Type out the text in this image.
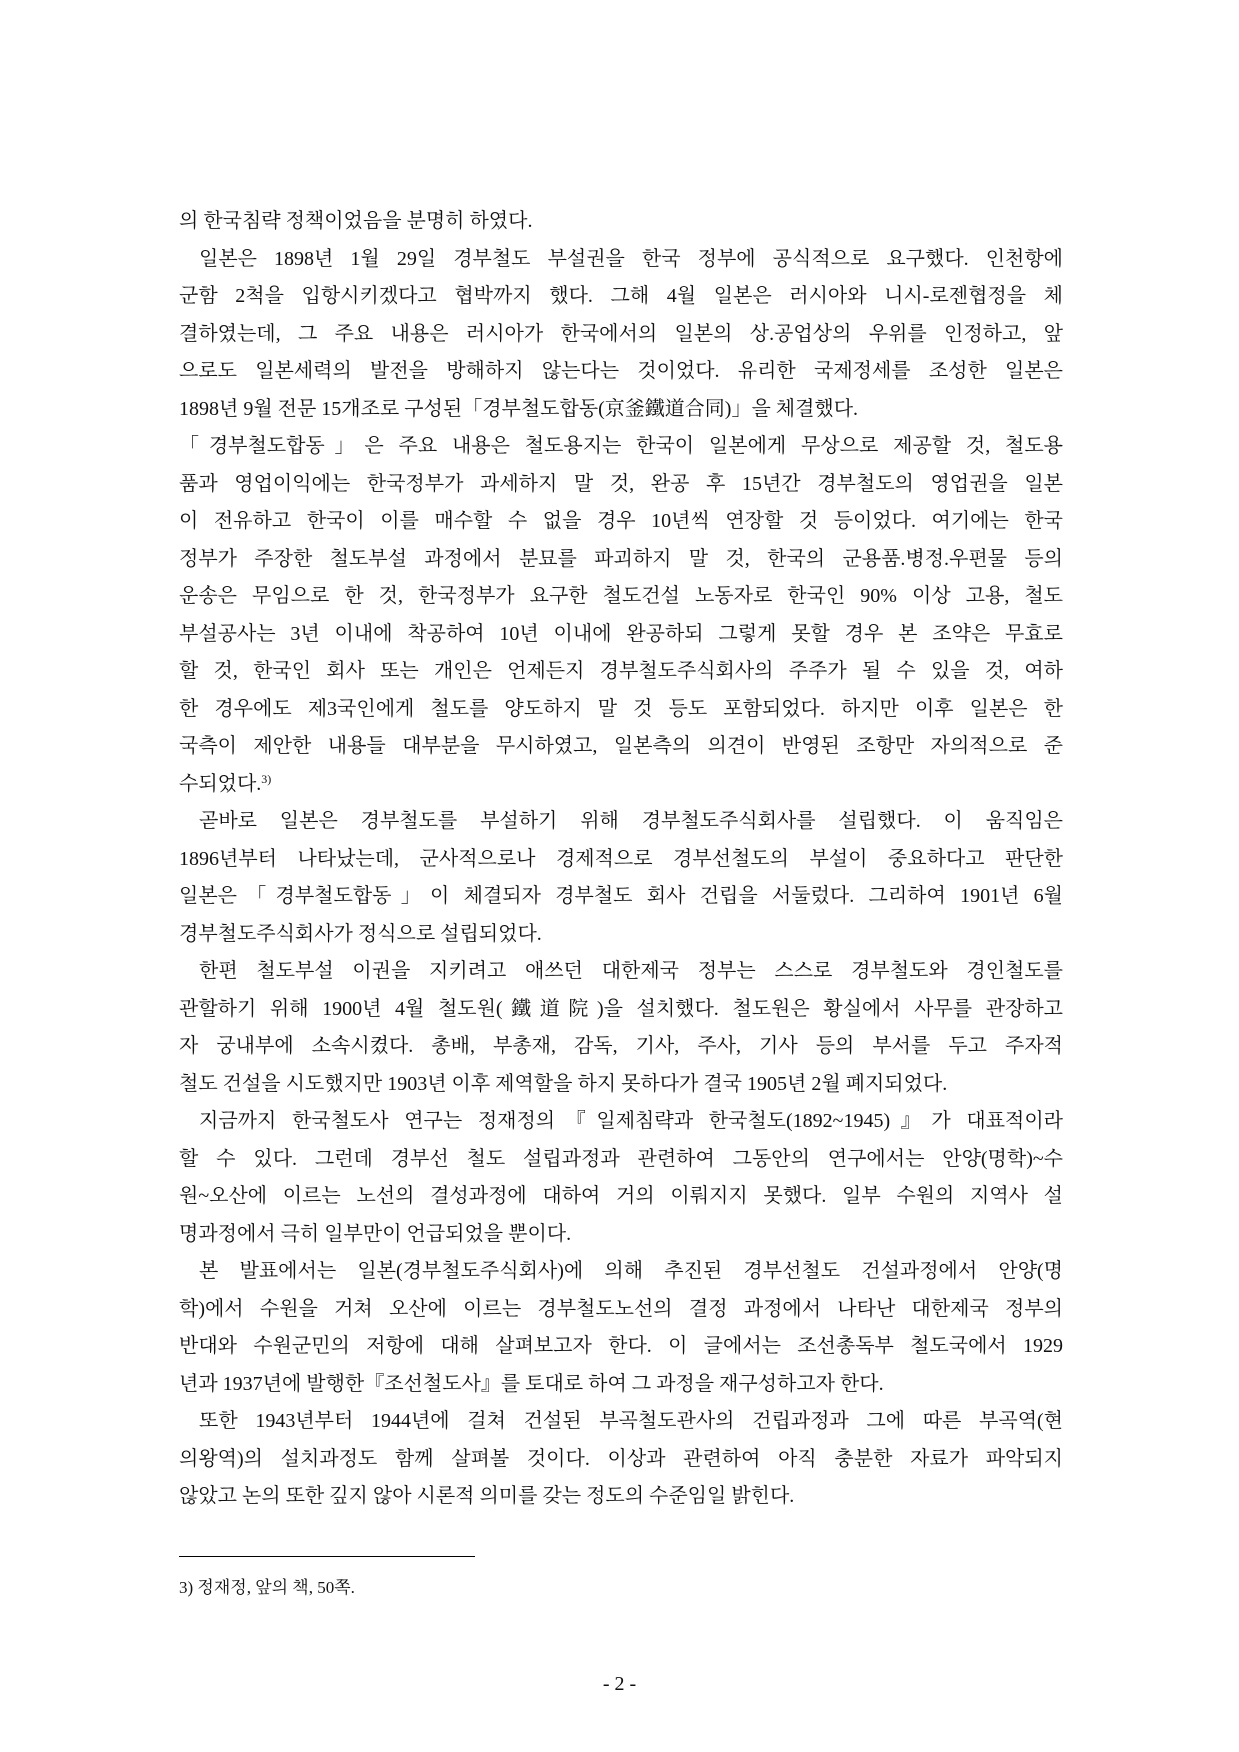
의 한국침략 정책이었음을 분명히 하였다.
일본은 1898년 1월 29일 경부철도 부설권을 한국 정부에 공식적으로 요구했다. 인천항에
군함 2척을 입항시키겠다고 협박까지 했다. 그해 4월 일본은 러시아와 니시-로젠협정을 체
결하였는데, 그 주요 내용은 러시아가 한국에서의 일본의 상.공업상의 우위를 인정하고, 앞
으로도 일본세력의 발전을 방해하지 않는다는 것이었다. 유리한 국제정세를 조성한 일본은
1898년 9월 전문 15개조로 구성된「경부철도합동(京釜鐵道合同)」을 체결했다.
「경부철도합동」은 주요 내용은 철도용지는 한국이 일본에게 무상으로 제공할 것, 철도용
품과 영업이익에는 한국정부가 과세하지 말 것, 완공 후 15년간 경부철도의 영업권을 일본
이 전유하고 한국이 이를 매수할 수 없을 경우 10년씩 연장할 것 등이었다. 여기에는 한국
정부가 주장한 철도부설 과정에서 분묘를 파괴하지 말 것, 한국의 군용품.병정.우편물 등의
운송은 무임으로 한 것, 한국정부가 요구한 철도건설 노동자로 한국인 90% 이상 고용, 철도
부설공사는 3년 이내에 착공하여 10년 이내에 완공하되 그렇게 못할 경우 본 조약은 무효로
할 것, 한국인 회사 또는 개인은 언제든지 경부철도주식회사의 주주가 될 수 있을 것, 여하
한 경우에도 제3국인에게 철도를 양도하지 말 것 등도 포함되었다. 하지만 이후 일본은 한
국측이 제안한 내용들 대부분을 무시하였고, 일본측의 의견이 반영된 조항만 자의적으로 준
수되었다.$^{3)}$
곧바로 일본은 경부철도를 부설하기 위해 경부철도주식회사를 설립했다. 이 움직임은
1896년부터 나타났는데, 군사적으로나 경제적으로 경부선철도의 부설이 중요하다고 판단한
일본은「경부철도합동」이 체결되자 경부철도 회사 건립을 서둘렀다. 그리하여 1901년 6월
경부철도주식회사가 정식으로 설립되었다.
한편 철도부설 이권을 지키려고 애쓰던 대한제국 정부는 스스로 경부철도와 경인철도를
관할하기 위해 1900년 4월 철도원(鐵道院)을 설치했다. 철도원은 황실에서 사무를 관장하고
자 궁내부에 소속시켰다. 총배, 부총재, 감독, 기사, 주사, 기사 등의 부서를 두고 주자적
철도 건설을 시도했지만 1903년 이후 제역할을 하지 못하다가 결국 1905년 2월 폐지되었다.
지금까지 한국철도사 연구는 정재정의『일제침략과 한국철도(1892~1945)』가 대표적이라
할 수 있다. 그런데 경부선 철도 설립과정과 관련하여 그동안의 연구에서는 안양(명학)~수
원~오산에 이르는 노선의 결성과정에 대하여 거의 이뤄지지 못했다. 일부 수원의 지역사 설
명과정에서 극히 일부만이 언급되었을 뿐이다.
본 발표에서는 일본(경부철도주식회사)에 의해 추진된 경부선철도 건설과정에서 안양(명
학)에서 수원을 거쳐 오산에 이르는 경부철도노선의 결정 과정에서 나타난 대한제국 정부의
반대와 수원군민의 저항에 대해 살펴보고자 한다. 이 글에서는 조선총독부 철도국에서 1929
년과 1937년에 발행한『조선철도사』를 토대로 하여 그 과정을 재구성하고자 한다.
또한 1943년부터 1944년에 걸쳐 건설된 부곡철도관사의 건립과정과 그에 따른 부곡역(현
의왕역)의 설치과정도 함께 살펴볼 것이다. 이상과 관련하여 아직 충분한 자료가 파악되지
않았고 논의 또한 깊지 않아 시론적 의미를 갖는 정도의 수준임일 밝힌다.
3) 정재정, 앞의 책, 50쪽.
- 2 -
